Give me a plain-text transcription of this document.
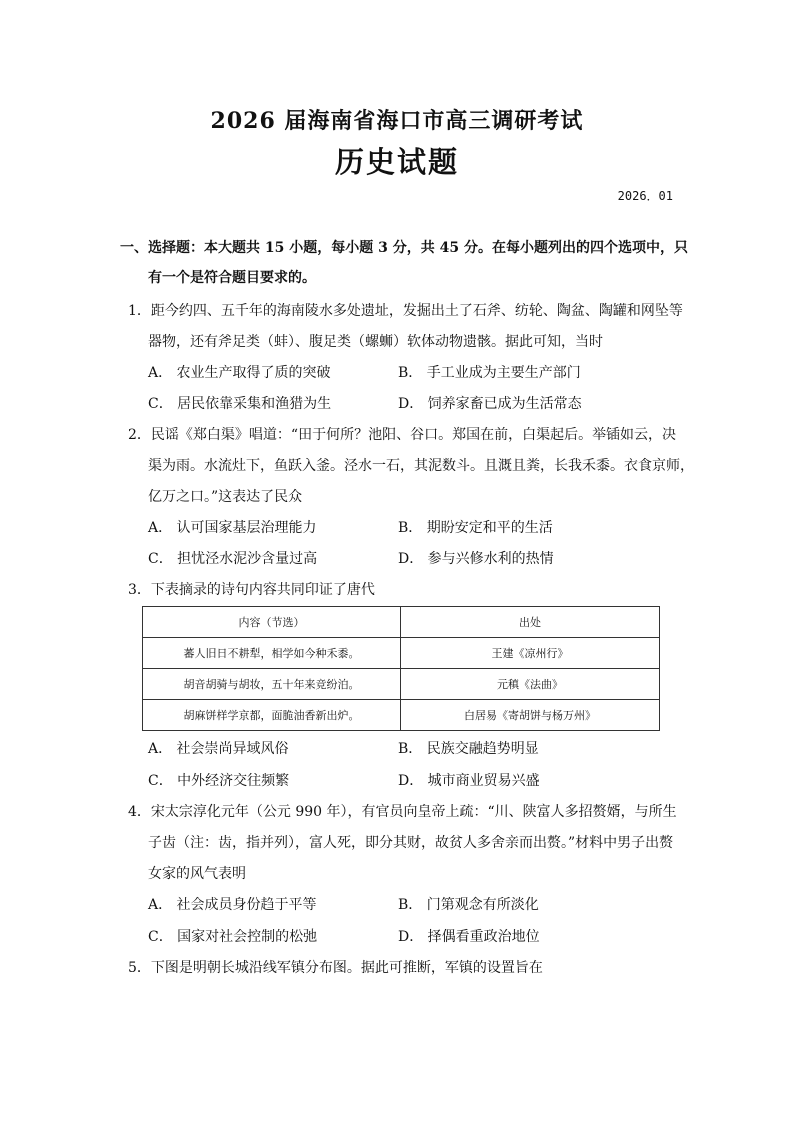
2026 届海南省海口市高三调研考试
历史试题
2026．01
一、选择题：本大题共 15 小题，每小题 3 分，共 45 分。在每小题列出的四个选项中，只
有一个是符合题目要求的。
1．距今约四、五千年的海南陵水多处遗址，发掘出土了石斧、纺轮、陶盆、陶罐和网坠等
器物，还有斧足类（蚌）、腹足类（螺蛳）软体动物遗骸。据此可知，当时
A． 农业生产取得了质的突破	B． 手工业成为主要生产部门
C． 居民依靠采集和渔猎为生	D． 饲养家畜已成为生活常态
2．民谣《郑白渠》唱道：“田于何所？池阳、谷口。郑国在前，白渠起后。举锸如云，决
渠为雨。水流灶下，鱼跃入釜。泾水一石，其泥数斗。且溉且粪，长我禾黍。衣食京师，
亿万之口。”这表达了民众
A． 认可国家基层治理能力	B． 期盼安定和平的生活
C． 担忧泾水泥沙含量过高	D． 参与兴修水利的热情
3．下表摘录的诗句内容共同印证了唐代
内容（节选）	出处
蕃人旧日不耕犁，相学如今种禾黍。	王建《凉州行》
胡音胡骑与胡妆，五十年来竞纷泊。	元稹《法曲》
胡麻饼样学京都，面脆油香新出炉。	白居易《寄胡饼与杨万州》
A． 社会崇尚异域风俗	B． 民族交融趋势明显
C． 中外经济交往频繁	D． 城市商业贸易兴盛
4．宋太宗淳化元年（公元 990 年），有官员向皇帝上疏：“川、陕富人多招赘婿，与所生
子齿（注：齿，指并列），富人死，即分其财，故贫人多舍亲而出赘。”材料中男子出赘
女家的风气表明
A． 社会成员身份趋于平等	B． 门第观念有所淡化
C． 国家对社会控制的松弛	D． 择偶看重政治地位
5．下图是明朝长城沿线军镇分布图。据此可推断，军镇的设置旨在
